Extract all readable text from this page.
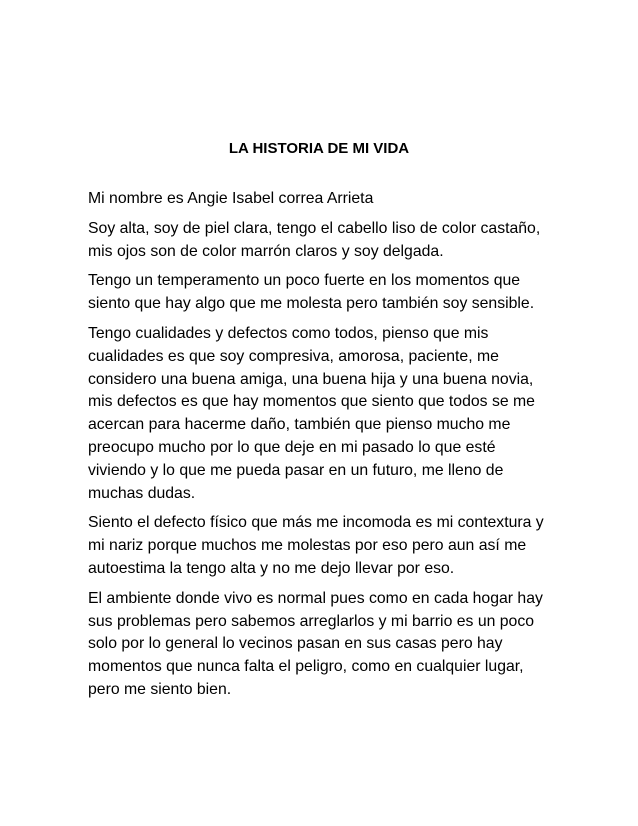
LA HISTORIA DE MI VIDA

Mi nombre es Angie Isabel correa Arrieta

Soy alta, soy de piel clara, tengo el cabello liso de color castaño, mis ojos son de color marrón claros y soy delgada.

Tengo un temperamento un poco fuerte en los momentos que siento que hay algo que me molesta pero también soy sensible.

Tengo cualidades y defectos como todos, pienso que mis cualidades es que soy compresiva, amorosa, paciente, me considero una buena amiga, una buena hija y una buena novia, mis defectos es que hay momentos que siento que todos se me acercan para hacerme daño, también que pienso mucho me preocupo mucho por lo que deje en mi pasado lo que esté viviendo y lo que me pueda pasar en un futuro, me lleno de muchas dudas.

Siento el defecto físico que más me incomoda es mi contextura y mi nariz porque muchos me molestas por eso pero aun así me autoestima la tengo alta y no me dejo llevar por eso.

El ambiente donde vivo es normal pues como en cada hogar hay sus problemas pero sabemos arreglarlos y mi barrio es un poco solo por lo general lo vecinos pasan en sus casas pero hay momentos que nunca falta el peligro, como en cualquier lugar, pero me siento bien.
